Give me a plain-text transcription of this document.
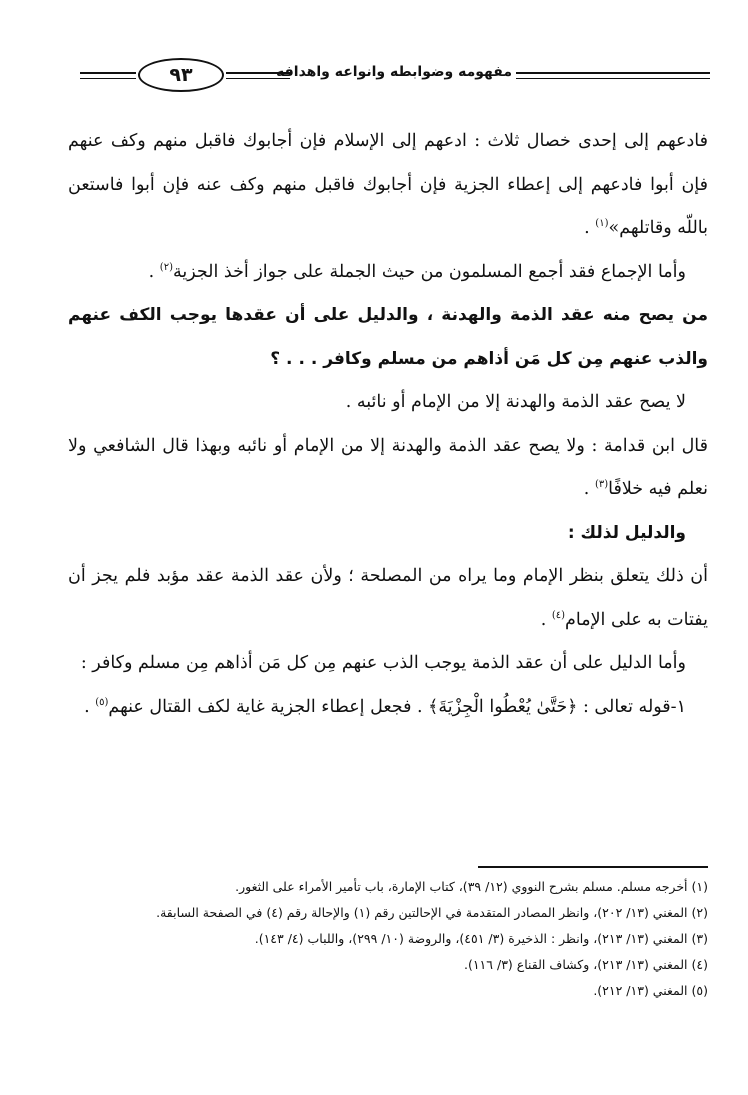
٩٣	مفهومه وضوابطه وانواعه واهدافه

فادعهم إلى إحدى خصال ثلاث : ادعهم إلى الإسلام فإن أجابوك فاقبل منهم وكف عنهم فإن أبوا فادعهم إلى إعطاء الجزية فإن أجابوك فاقبل منهم وكف عنه فإن أبوا فاستعن باللّه وقاتلهم»$^{(١)}$ .

وأما الإجماع فقد أجمع المسلمون من حيث الجملة على جواز أخذ الجزية$^{(٢)}$ .

من يصح منه عقد الذمة والهدنة ، والدليل على أن عقدها يوجب الكف عنهم والذب عنهم مِن كل مَن أذاهم من مسلم وكافر . . . ؟

لا يصح عقد الذمة والهدنة إلا من الإمام أو نائبه .

قال ابن قدامة : ولا يصح عقد الذمة والهدنة إلا من الإمام أو نائبه وبهذا قال الشافعي ولا نعلم فيه خلافًا$^{(٣)}$ .

والدليل لذلك :

أن ذلك يتعلق بنظر الإمام وما يراه من المصلحة ؛ ولأن عقد الذمة عقد مؤبد فلم يجز أن يفتات به على الإمام$^{(٤)}$ .

وأما الدليل على أن عقد الذمة يوجب الذب عنهم مِن كل مَن أذاهم مِن مسلم وكافر :

١-قوله تعالى : ﴿حَتَّىٰ يُعْطُوا الْجِزْيَةَ﴾ . فجعل إعطاء الجزية غاية لكف القتال عنهم$^{(٥)}$ .

(١) أخرجه مسلم. مسلم بشرح النووي (١٢/ ٣٩)، كتاب الإمارة، باب تأمير الأمراء على الثغور.
(٢) المغني (١٣/ ٢٠٢)، وانظر المصادر المتقدمة في الإحالتين رقم (١) والإحالة رقم (٤) في الصفحة السابقة.
(٣) المغني (١٣/ ٢١٣)، وانظر : الذخيرة (٣/ ٤٥١)، والروضة (١٠/ ٢٩٩)، واللباب (٤/ ١٤٣).
(٤) المغني (١٣/ ٢١٣)، وكشاف القناع (٣/ ١١٦).
(٥) المغني (١٣/ ٢١٢).
